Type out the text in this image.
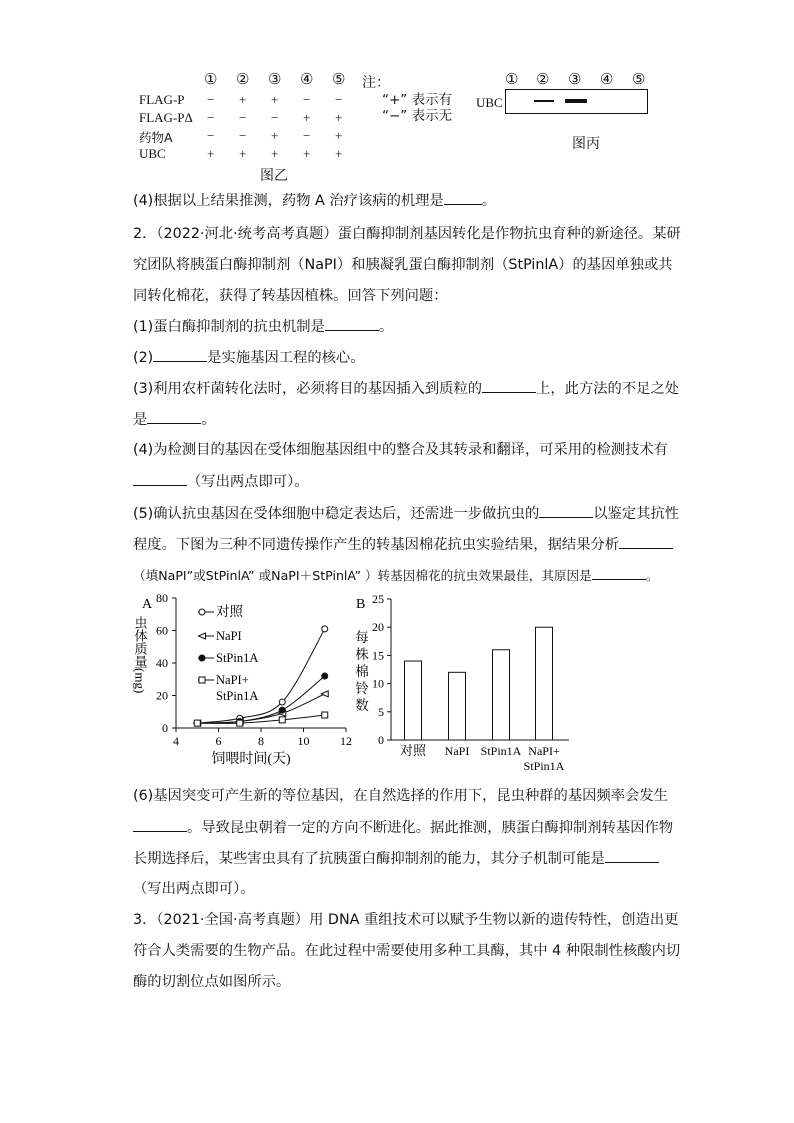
① ② ③ ④ ⑤
FLAG-P − + + − −
FLAG-PΔ − − − + +
药物A	− − + − +
UBC	+ + + + +
注：
“+” 表示有
“−” 表示无
图乙
① ② ③ ④ ⑤
UBC
图丙
(4)根据以上结果推测，药物 A 治疗该病的机理是	。
2．（2022·河北·统考高考真题）蛋白酶抑制剂基因转化是作物抗虫育种的新途径。某研
究团队将胰蛋白酶抑制剂（NaPI）和胰凝乳蛋白酶抑制剂（StPinlA）的基因单独或共
同转化棉花，获得了转基因植株。回答下列问题：
(1)蛋白酶抑制剂的抗虫机制是	。
(2)	是实施基因工程的核心。
(3)利用农杆菌转化法时，必须将目的基因插入到质粒的	上，此方法的不足之处
是	。
(4)为检测目的基因在受体细胞基因组中的整合及其转录和翻译，可采用的检测技术有
（写出两点即可）。
(5)确认抗虫基因在受体细胞中稳定表达后，还需进一步做抗虫的	以鉴定其抗性
程度。下图为三种不同遗传操作产生的转基因棉花抗虫实验结果，据结果分析
（填NaPI”或StPinlA” 或NaPI＋StPinlA” ）转基因棉花的抗虫效果最佳，其原因是	。
A
0
20
40
60
80
4	6	8	10	12
虫体质量(mg)
饲喂时间(天)
对照
NaPI
StPin1A
NaPI+
StPin1A
B
0
5
10
15
20
25
每
株
棉
铃
数
对照 NaPI StPin1A NaPI+
StPin1A
(6)基因突变可产生新的等位基因，在自然选择的作用下，昆虫种群的基因频率会发生
。导致昆虫朝着一定的方向不断进化。据此推测，胰蛋白酶抑制剂转基因作物
长期选择后，某些害虫具有了抗胰蛋白酶抑制剂的能力，其分子机制可能是
（写出两点即可）。
3．（2021·全国·高考真题）用 DNA 重组技术可以赋予生物以新的遗传特性，创造出更
符合人类需要的生物产品。在此过程中需要使用多种工具酶，其中 4 种限制性核酸内切
酶的切割位点如图所示。
